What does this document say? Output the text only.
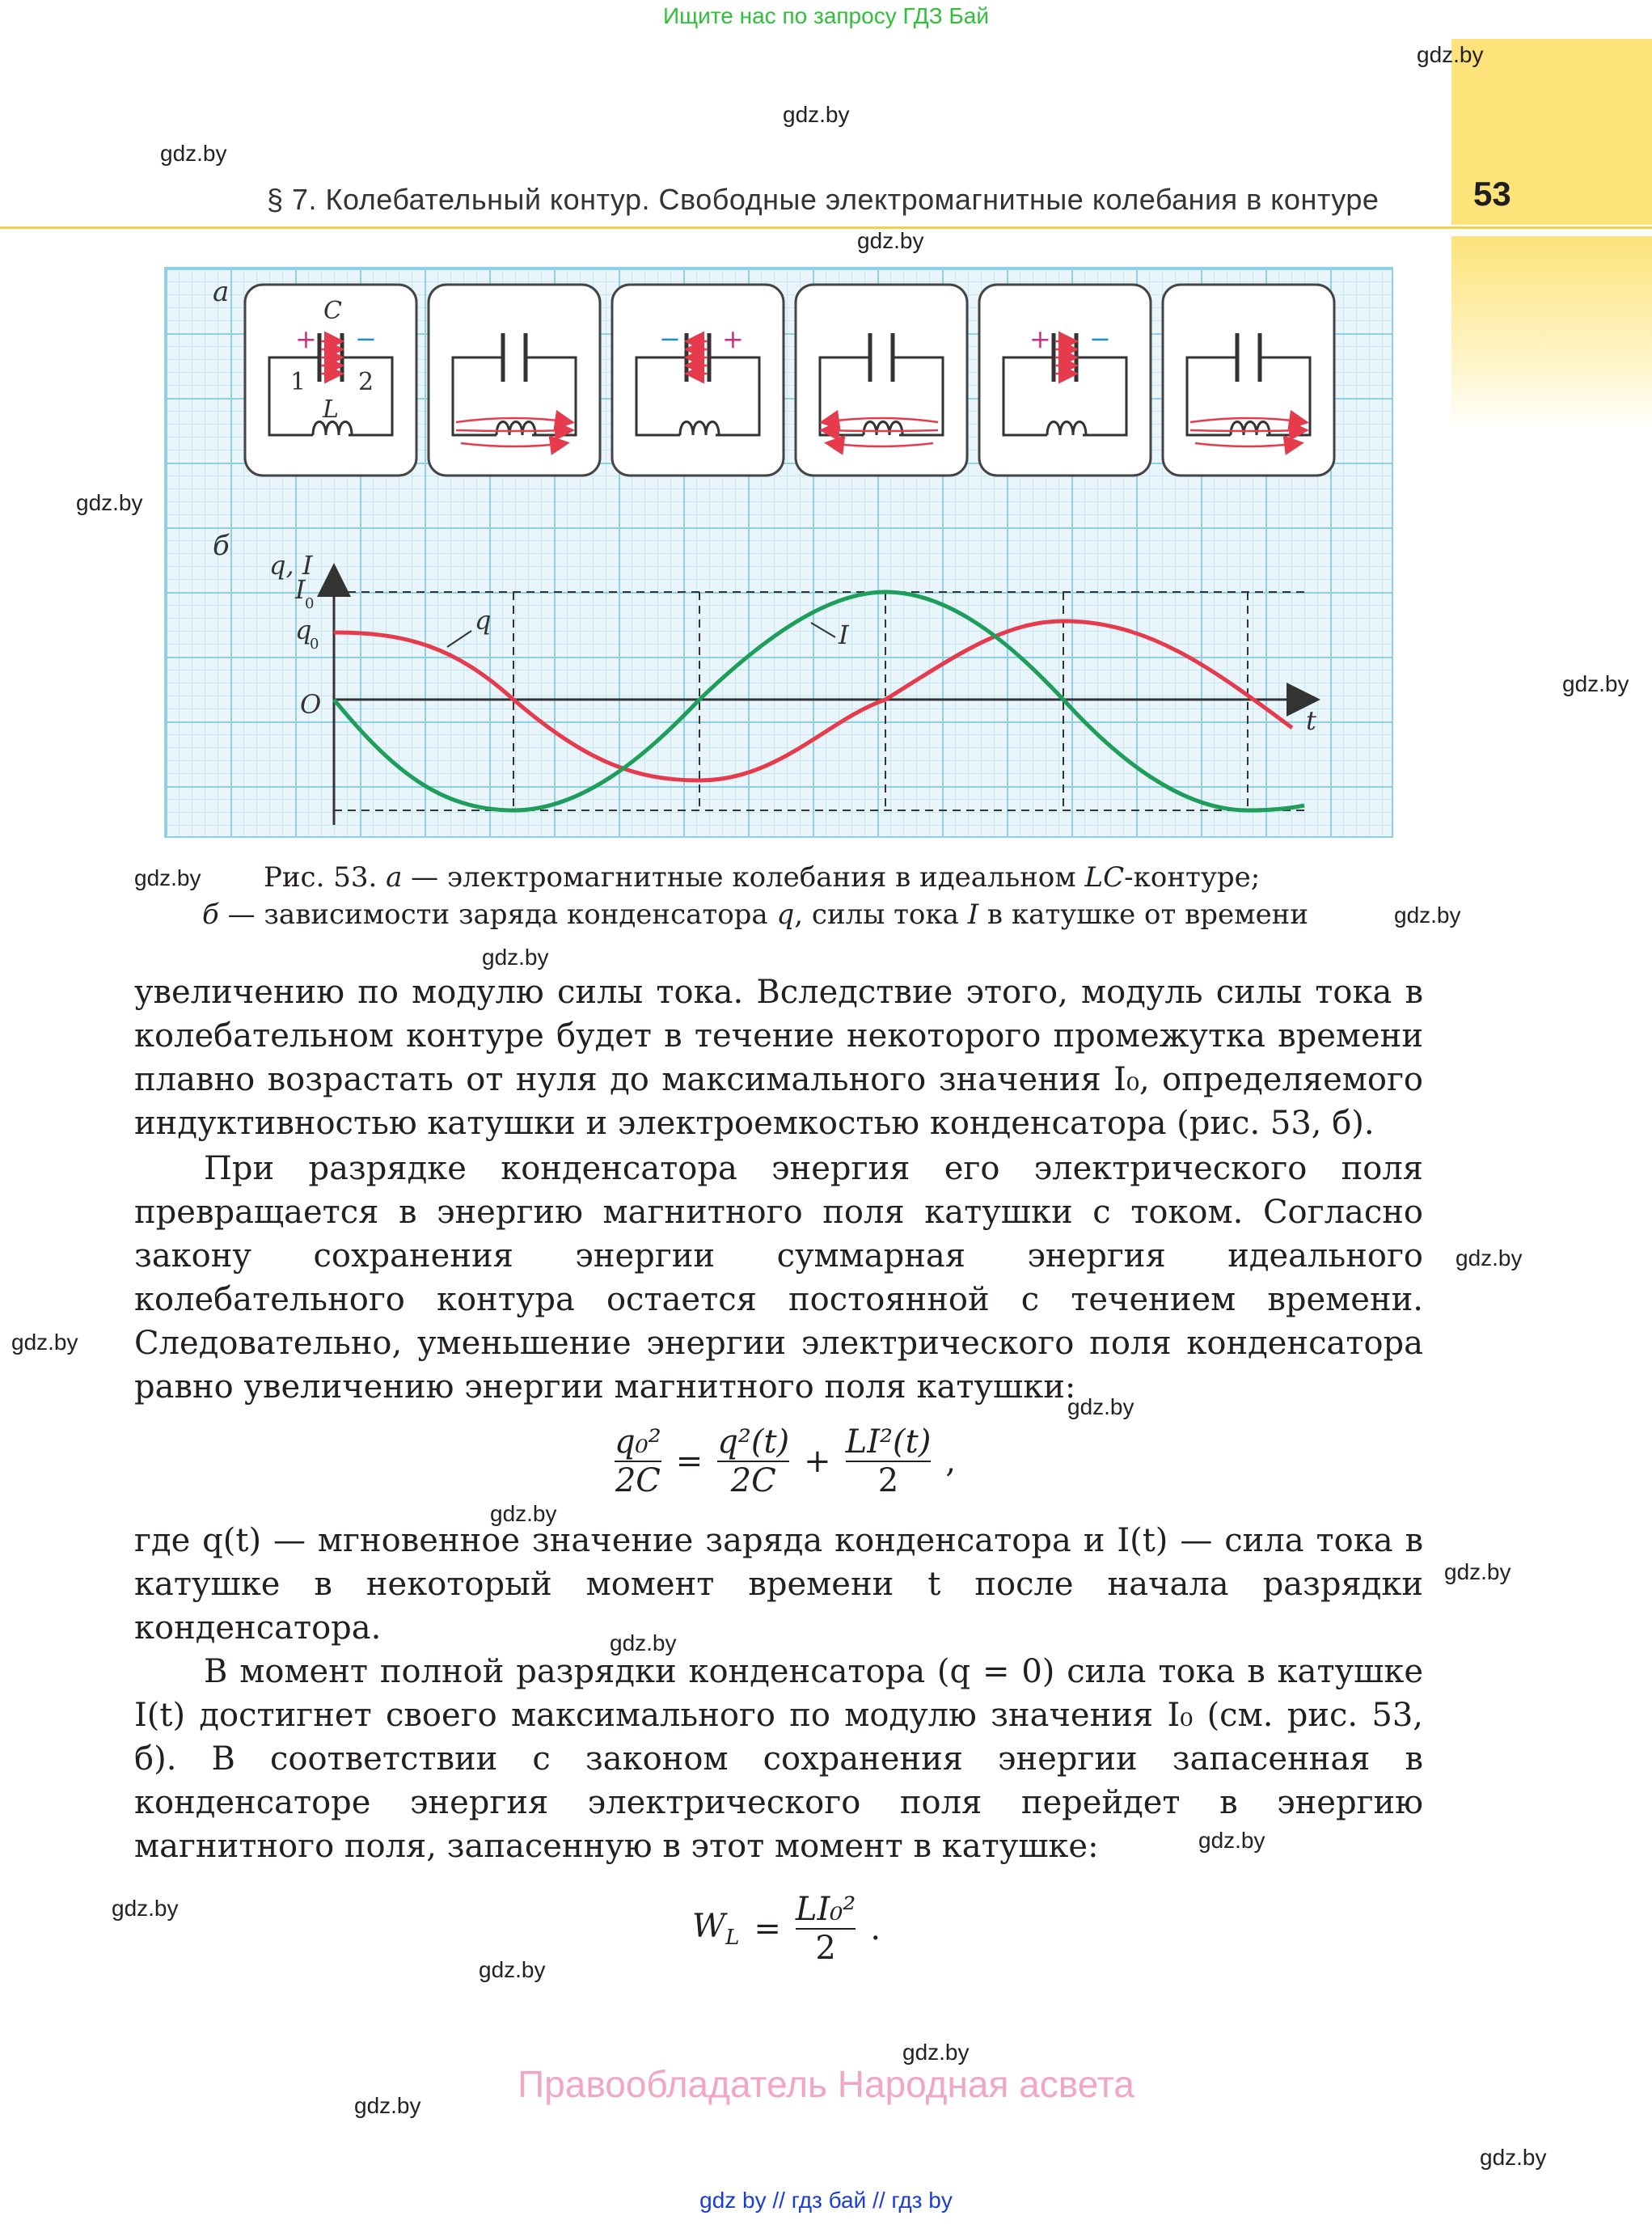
Ищите нас по запросу ГДЗ Бай
53
§ 7. Колебательный контур. Свободные электромагнитные колебания в контуре
gdz.by
gdz.by
gdz.by
gdz.by
gdz.by
gdz.by
gdz.by
gdz.by
gdz.by
gdz.by
gdz.by
gdz.by
gdz.by
gdz.by
gdz.by
gdz.by
gdz.by
gdz.by
gdz.by
gdz.by
gdz.by
а
б
C
+ −
1 2
L
− +	+ −
q, I
t
O
I 0
q
0
q	I
Рис. 53. а — электромагнитные колебания в идеальном LC-контуре;
б — зависимости заряда конденсатора q, силы тока I в катушке от времени
увеличению по модулю силы тока. Вследствие этого, модуль силы тока в колебательном контуре будет в течение некоторого промежутка времени плавно возрастать от нуля до максимального значения I₀, определяемого индуктивностью катушки и электроемкостью конденсатора (рис. 53, б).
При разрядке конденсатора энергия его электрического поля превращается в энергию магнитного поля катушки с током. Согласно закону сохранения энергии суммарная энергия идеального колебательного контура остается постоянной с течением времени. Следовательно, уменьшение энергии электрического поля конденсатора равно увеличению энергии магнитного поля катушки:
$\frac{\text{q₀²}}{2C} = \frac{\text{q²(t)}}{2C} + \frac{\text{LI²(t)}}{2}$ ,
где q(t) — мгновенное значение заряда конденсатора и I(t) — сила тока в катушке в некоторый момент времени t после начала разрядки конденсатора.
В момент полной разрядки конденсатора (q = 0) сила тока в катушке I(t) достигнет своего максимального по модулю значения I₀ (см. рис. 53, б). В соответствии с законом сохранения энергии запасенная в конденсаторе энергия электрического поля перейдет в энергию магнитного поля, запасенную в этот момент в катушке:
$W_L = \frac{\text{LI₀²}}{2}$ .
Правообладатель Народная асвета
gdz by // гдз бай // гдз by
